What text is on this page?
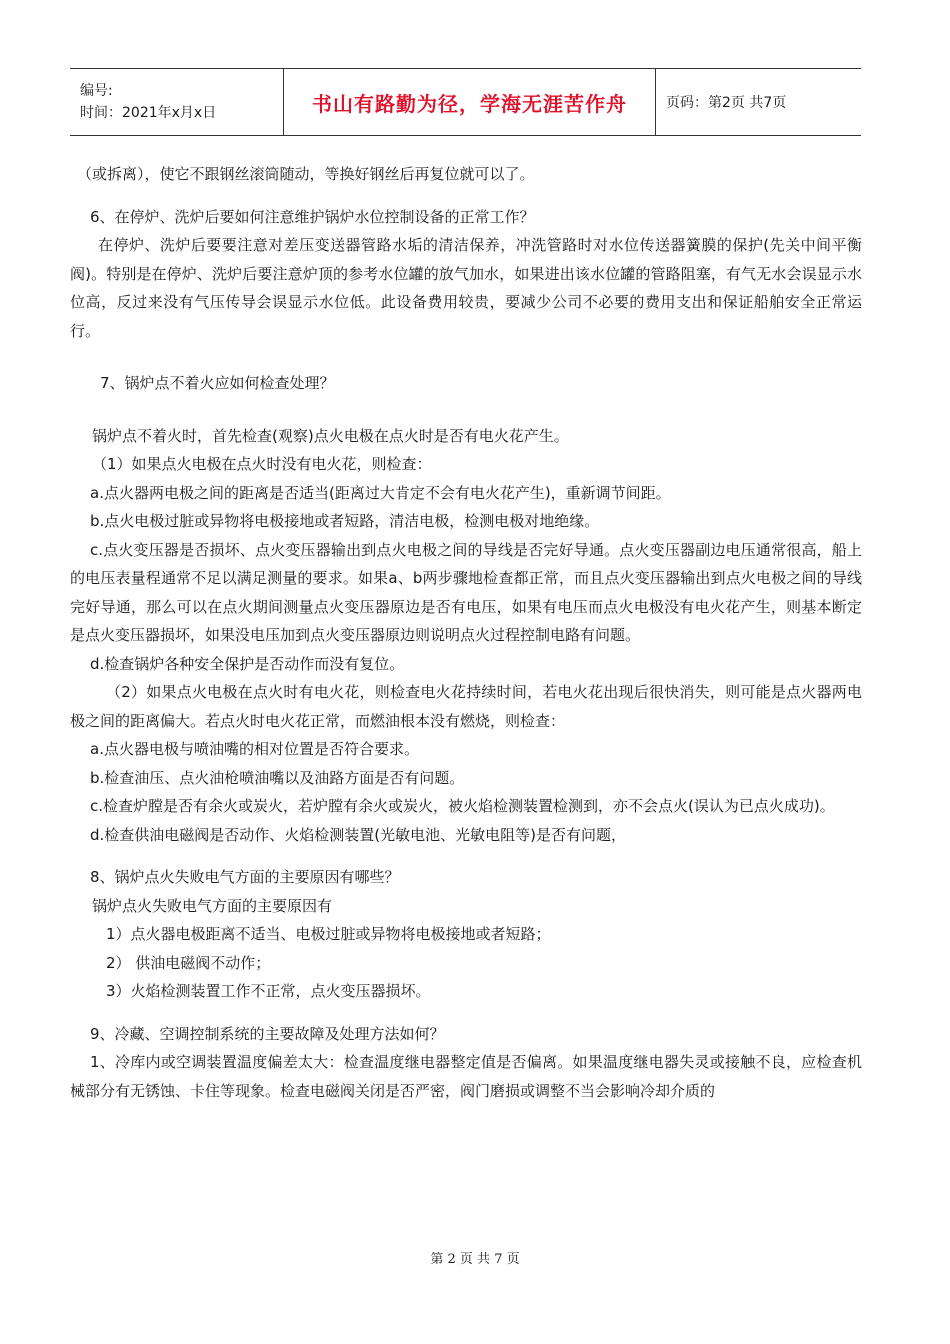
编号:
时间：2021年x月x日	书山有路勤为径，学海无涯苦作舟	页码：第2页 共7页

（或拆离），使它不跟钢丝滚筒随动，等换好钢丝后再复位就可以了。

6、在停炉、洗炉后要如何注意维护锅炉水位控制设备的正常工作？

在停炉、洗炉后要要注意对差压变送器管路水垢的清洁保养，冲洗管路时对水位传送器簧膜的保护(先关中间平衡阀)。特别是在停炉、洗炉后要注意炉顶的参考水位罐的放气加水，如果进出该水位罐的管路阻塞，有气无水会误显示水位高，反过来没有气压传导会误显示水位低。此设备费用较贵，要减少公司不必要的费用支出和保证船舶安全正常运行。

7、锅炉点不着火应如何检查处理？

锅炉点不着火时，首先检查(观察)点火电极在点火时是否有电火花产生。

（1）如果点火电极在点火时没有电火花，则检查：

a.点火器两电极之间的距离是否适当(距离过大肯定不会有电火花产生)，重新调节间距。

b.点火电极过脏或异物将电极接地或者短路，清洁电极，检测电极对地绝缘。

c.点火变压器是否损坏、点火变压器输出到点火电极之间的导线是否完好导通。点火变压器副边电压通常很高，船上的电压表量程通常不足以满足测量的要求。如果a、b两步骤地检查都正常，而且点火变压器输出到点火电极之间的导线完好导通，那么可以在点火期间测量点火变压器原边是否有电压，如果有电压而点火电极没有电火花产生，则基本断定是点火变压器损坏，如果没电压加到点火变压器原边则说明点火过程控制电路有问题。

d.检查锅炉各种安全保护是否动作而没有复位。

（2）如果点火电极在点火时有电火花，则检查电火花持续时间，若电火花出现后很快消失，则可能是点火器两电极之间的距离偏大。若点火时电火花正常，而燃油根本没有燃烧，则检查：

a.点火器电极与喷油嘴的相对位置是否符合要求。

b.检查油压、点火油枪喷油嘴以及油路方面是否有问题。

c.检查炉膛是否有余火或炭火，若炉膛有余火或炭火，被火焰检测装置检测到，亦不会点火(误认为已点火成功)。

d.检查供油电磁阀是否动作、火焰检测装置(光敏电池、光敏电阻等)是否有问题，

8、锅炉点火失败电气方面的主要原因有哪些？

锅炉点火失败电气方面的主要原因有

1）点火器电极距离不适当、电极过脏或异物将电极接地或者短路；

2） 供油电磁阀不动作；

3）火焰检测装置工作不正常，点火变压器损坏。

9、冷藏、空调控制系统的主要故障及处理方法如何？

1、冷库内或空调装置温度偏差太大：检查温度继电器整定值是否偏离。如果温度继电器失灵或接触不良，应检查机械部分有无锈蚀、卡住等现象。检查电磁阀关闭是否严密，阀门磨损或调整不当会影响冷却介质的

第 2 页 共 7 页
